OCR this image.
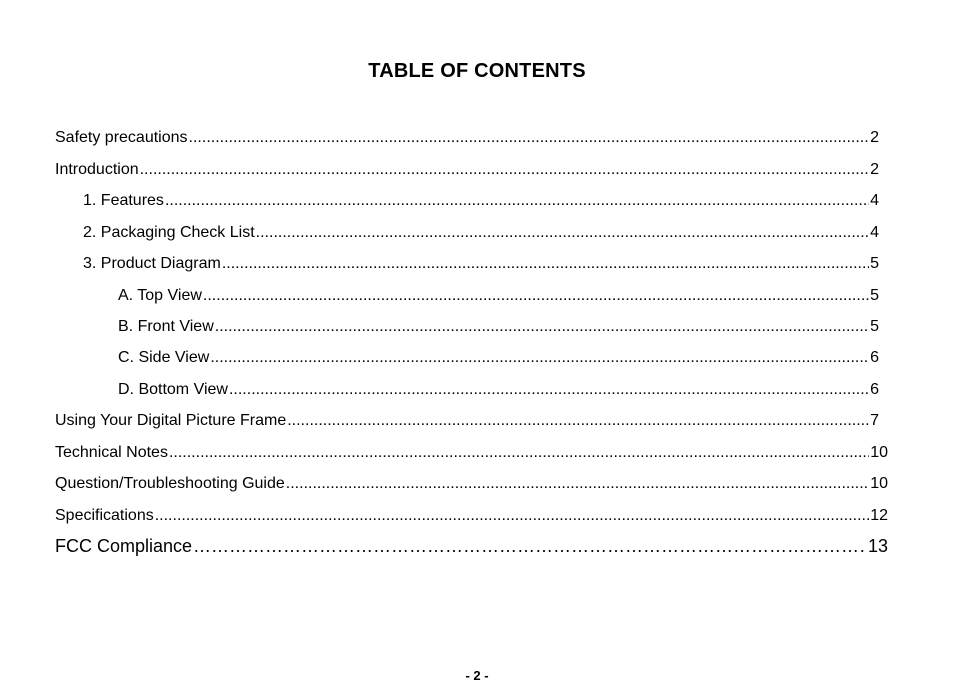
TABLE OF CONTENTS
Safety precautions .....	2
Introduction .....	2
1. Features .....	4
2. Packaging Check List .....	4
3. Product Diagram .....	5
A. Top View .....	5
B. Front View .....	5
C. Side View .....	6
D. Bottom View .....	6
Using Your Digital Picture Frame .....	7
Technical Notes .....	10
Question/Troubleshooting Guide .....	10
Specifications .....	12
FCC Compliance ……………………………………………………………………………………………………………………………………………………………	13
- 2 -
